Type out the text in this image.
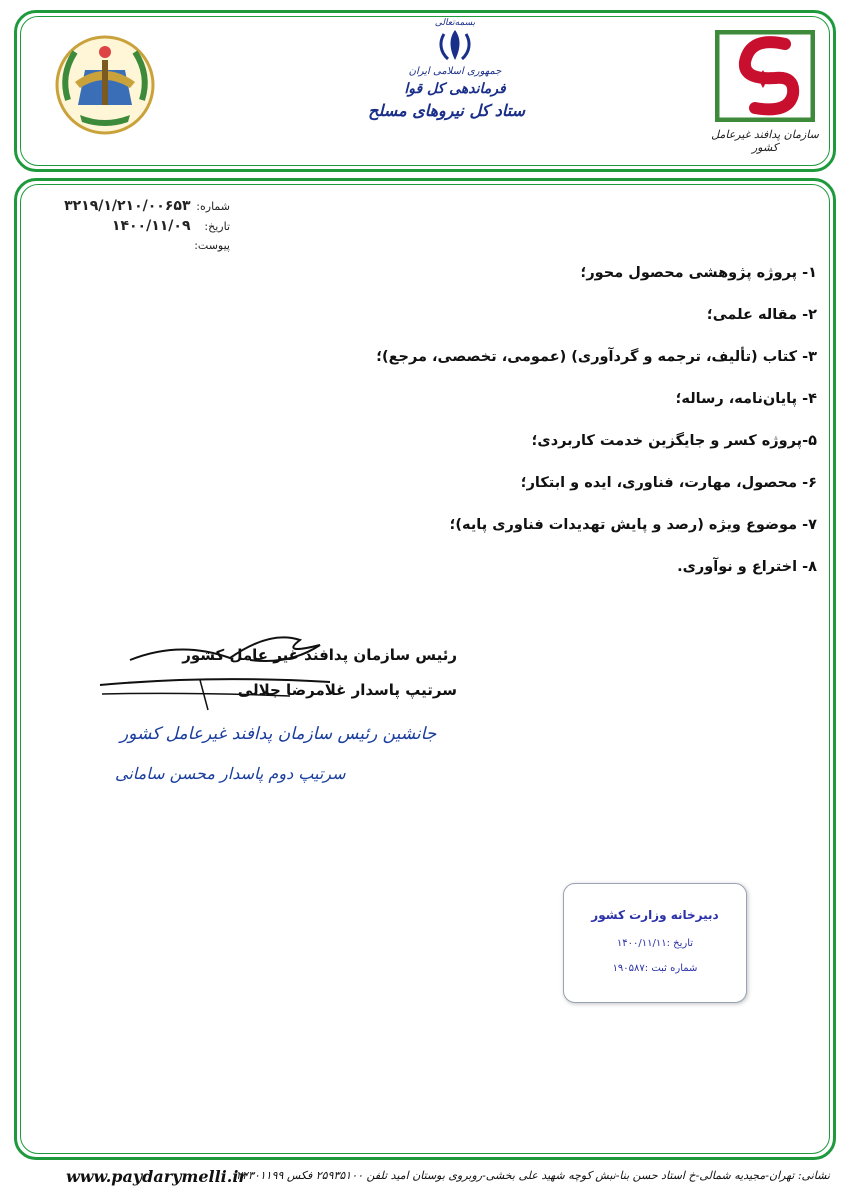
بسمه‌تعالی
جمهوری اسلامی ایران
فرماندهی کل قوا
ستاد کل نیروهای مسلح
سازمان پدافند غیرعامل کشور
شماره: ۳۲۱۹/۱/۲۱۰/۰۰۶۵۳
تاریخ: ۱۴۰۰/۱۱/۰۹
پیوست:
۱- پروژه پژوهشی محصول محور؛
۲- مقاله علمی؛
۳- کتاب (تألیف، ترجمه و گردآوری) (عمومی، تخصصی، مرجع)؛
۴- پایان‌نامه، رساله؛
۵-پروژه کسر و جایگزین خدمت کاربردی؛
۶- محصول، مهارت، فناوری، ایده و ابتکار؛
۷- موضوع ویژه (رصد و پایش تهدیدات فناوری پایه)؛
۸- اختراع و نوآوری.
رئیس سازمان پدافند غیر عامل کشور
سرتیپ پاسدار غلامرضا جلالی
جانشین رئیس سازمان پدافند غیرعامل کشور
سرتیپ دوم پاسدار محسن سامانی
دبیرخانه وزارت کشور
تاریخ :۱۴۰۰/۱۱/۱۱
شماره ثبت :۱۹۰۵۸۷
www.paydarymelli.ir
نشانی: تهران-مجیدیه شمالی-خ استاد حسن بنا-نبش کوچه شهید علی بخشی-روبروی بوستان امید تلفن ۲۵۹۳۵۱۰۰ فکس ۲۲۳۰۱۱۹۹
